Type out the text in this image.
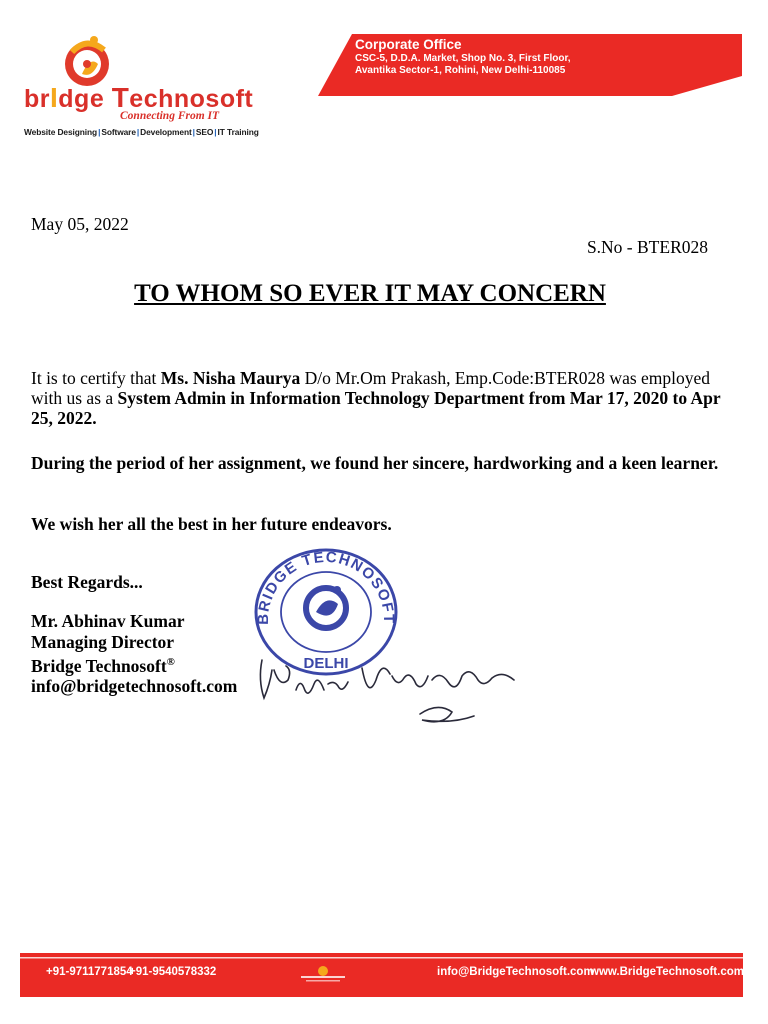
brIdge Technosoft
Connecting From IT
Website Designing|Software|Development|SEO|IT Training
Corporate Office
CSC-5, D.D.A. Market, Shop No. 3, First Floor,
Avantika Sector-1, Rohini, New Delhi-110085
May 05, 2022
S.No - BTER028
TO WHOM SO EVER IT MAY CONCERN
It is to certify that Ms. Nisha Maurya D/o Mr.Om Prakash, Emp.Code:BTER028 was employed with us as a System Admin in Information Technology Department from Mar 17, 2020 to Apr 25, 2022.
During the period of her assignment, we found her sincere, hardworking and a keen learner.
We wish her all the best in her future endeavors.
Best Regards...
Mr. Abhinav Kumar
Managing Director
Bridge Technosoft®
info@bridgetechnosoft.com
BRIDGE TECHNOSOFT
DELHI
+91-9711771854
+91-9540578332	info@BridgeTechnosoft.com
www.BridgeTechnosoft.com
